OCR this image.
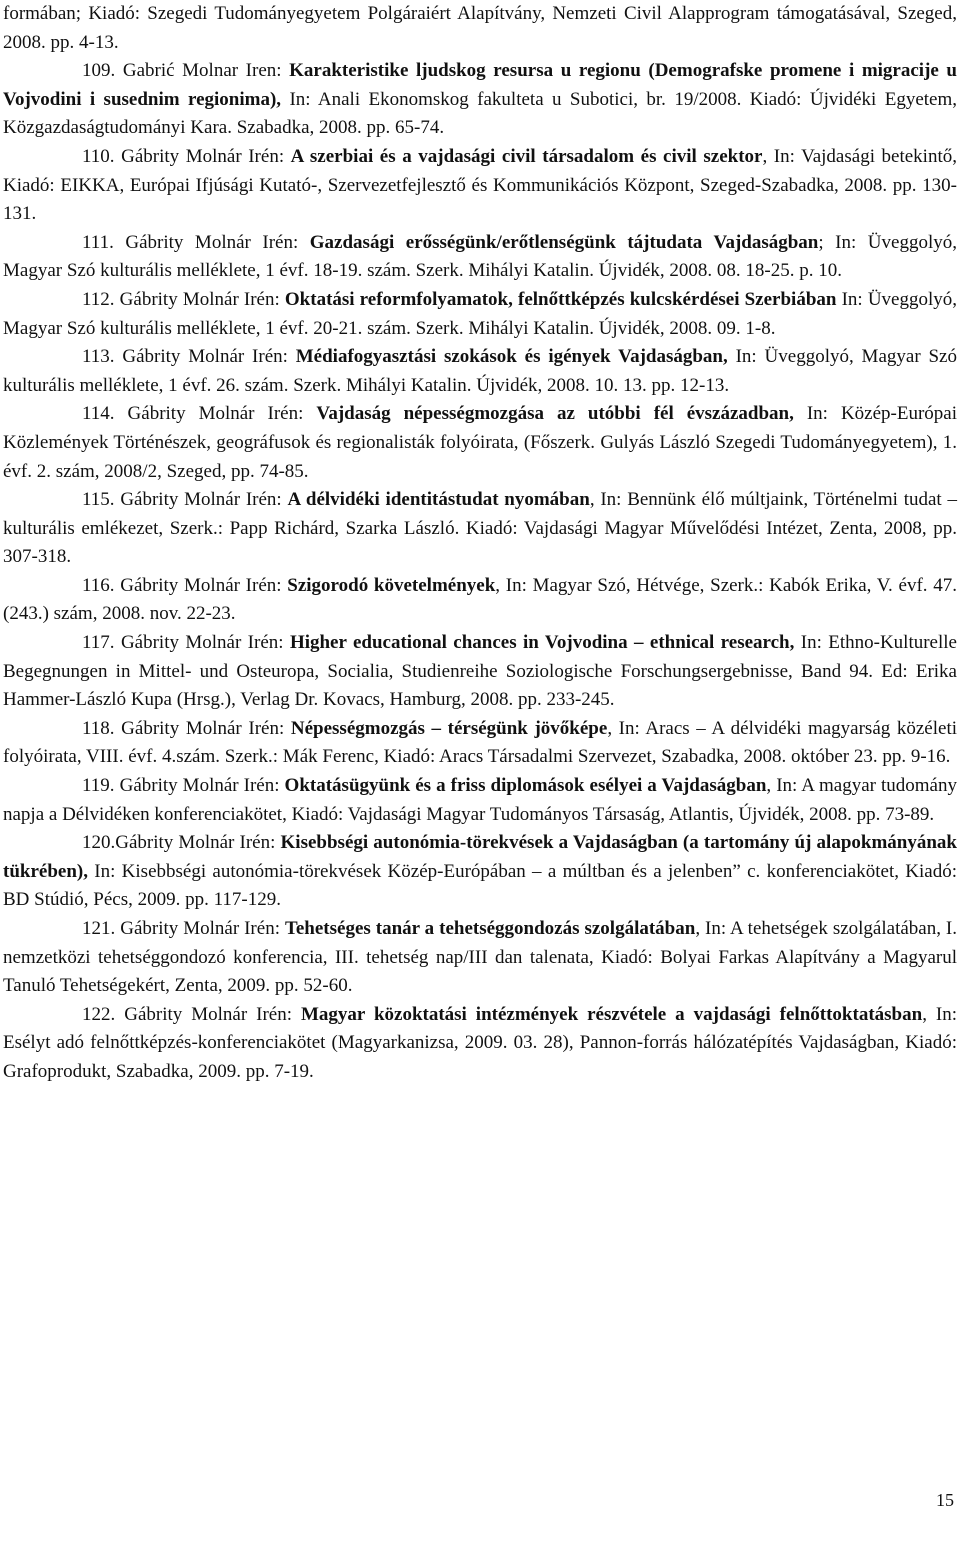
formában; Kiadó: Szegedi Tudományegyetem Polgáraiért Alapítvány, Nemzeti Civil Alapprogram támogatásával, Szeged, 2008. pp. 4-13.

109. Gabrić Molnar Iren: Karakteristike ljudskog resursa u regionu (Demografske promene i migracije u Vojvodini i susednim regionima), In: Anali Ekonomskog fakulteta u Subotici, br. 19/2008. Kiadó: Újvidéki Egyetem, Közgazdaságtudományi Kara. Szabadka, 2008. pp. 65-74.

110. Gábrity Molnár Irén: A szerbiai és a vajdasági civil társadalom és civil szektor, In: Vajdasági betekintő, Kiadó: EIKKA, Európai Ifjúsági Kutató-, Szervezetfejlesztő és Kommunikációs Központ, Szeged-Szabadka, 2008. pp. 130-131.

111. Gábrity Molnár Irén: Gazdasági erősségünk/erőtlenségünk tájtudata Vajdaságban; In: Üveggolyó, Magyar Szó kulturális melléklete, 1 évf. 18-19. szám. Szerk. Mihályi Katalin. Újvidék, 2008. 08. 18-25. p. 10.

112. Gábrity Molnár Irén: Oktatási reformfolyamatok, felnőttképzés kulcskérdései Szerbiában In: Üveggolyó, Magyar Szó kulturális melléklete, 1 évf. 20-21. szám. Szerk. Mihályi Katalin. Újvidék, 2008. 09. 1-8.

113. Gábrity Molnár Irén: Médiafogyasztási szokások és igények Vajdaságban, In: Üveggolyó, Magyar Szó kulturális melléklete, 1 évf. 26. szám. Szerk. Mihályi Katalin. Újvidék, 2008. 10. 13. pp. 12-13.

114. Gábrity Molnár Irén: Vajdaság népességmozgása az utóbbi fél évszázadban, In: Közép-Európai Közlemények Történészek, geográfusok és regionalisták folyóirata, (Főszerk. Gulyás László Szegedi Tudományegyetem), 1. évf. 2. szám, 2008/2, Szeged, pp. 74-85.

115. Gábrity Molnár Irén: A délvidéki identitástudat nyomában, In: Bennünk élő múltjaink, Történelmi tudat – kulturális emlékezet, Szerk.: Papp Richárd, Szarka László. Kiadó: Vajdasági Magyar Művelődési Intézet, Zenta, 2008, pp. 307-318.

116. Gábrity Molnár Irén: Szigorodó követelmények, In: Magyar Szó, Hétvége, Szerk.: Kabók Erika, V. évf. 47. (243.) szám, 2008. nov. 22-23.

117. Gábrity Molnár Irén: Higher educational chances in Vojvodina – ethnical research, In: Ethno-Kulturelle Begegnungen in Mittel- und Osteuropa, Socialia, Studienreihe Soziologische Forschungsergebnisse, Band 94. Ed: Erika Hammer-László Kupa (Hrsg.), Verlag Dr. Kovacs, Hamburg, 2008. pp. 233-245.

118. Gábrity Molnár Irén: Népességmozgás – térségünk jövőképe, In: Aracs – A délvidéki magyarság közéleti folyóirata, VIII. évf. 4.szám. Szerk.: Mák Ferenc, Kiadó: Aracs Társadalmi Szervezet, Szabadka, 2008. október 23. pp. 9-16.

119. Gábrity Molnár Irén: Oktatásügyünk és a friss diplomások esélyei a Vajdaságban, In: A magyar tudomány napja a Délvidéken konferenciakötet, Kiadó: Vajdasági Magyar Tudományos Társaság, Atlantis, Újvidék, 2008. pp. 73-89.

120.Gábrity Molnár Irén: Kisebbségi autonómia-törekvések a Vajdaságban (a tartomány új alapokmányának tükrében), In: Kisebbségi autonómia-törekvések Közép-Európában – a múltban és a jelenben” c. konferenciakötet, Kiadó: BD Stúdió, Pécs, 2009. pp. 117-129.

121. Gábrity Molnár Irén: Tehetséges tanár a tehetséggondozás szolgálatában, In: A tehetségek szolgálatában, I. nemzetközi tehetséggondozó konferencia, III. tehetség nap/III dan talenata, Kiadó: Bolyai Farkas Alapítvány a Magyarul Tanuló Tehetségekért, Zenta, 2009. pp. 52-60.

122. Gábrity Molnár Irén: Magyar közoktatási intézmények részvétele a vajdasági felnőttoktatásban, In: Esélyt adó felnőttképzés-konferenciakötet (Magyarkanizsa, 2009. 03. 28), Pannon-forrás hálózatépítés Vajdaságban, Kiadó: Grafoprodukt, Szabadka, 2009. pp. 7-19.

15
